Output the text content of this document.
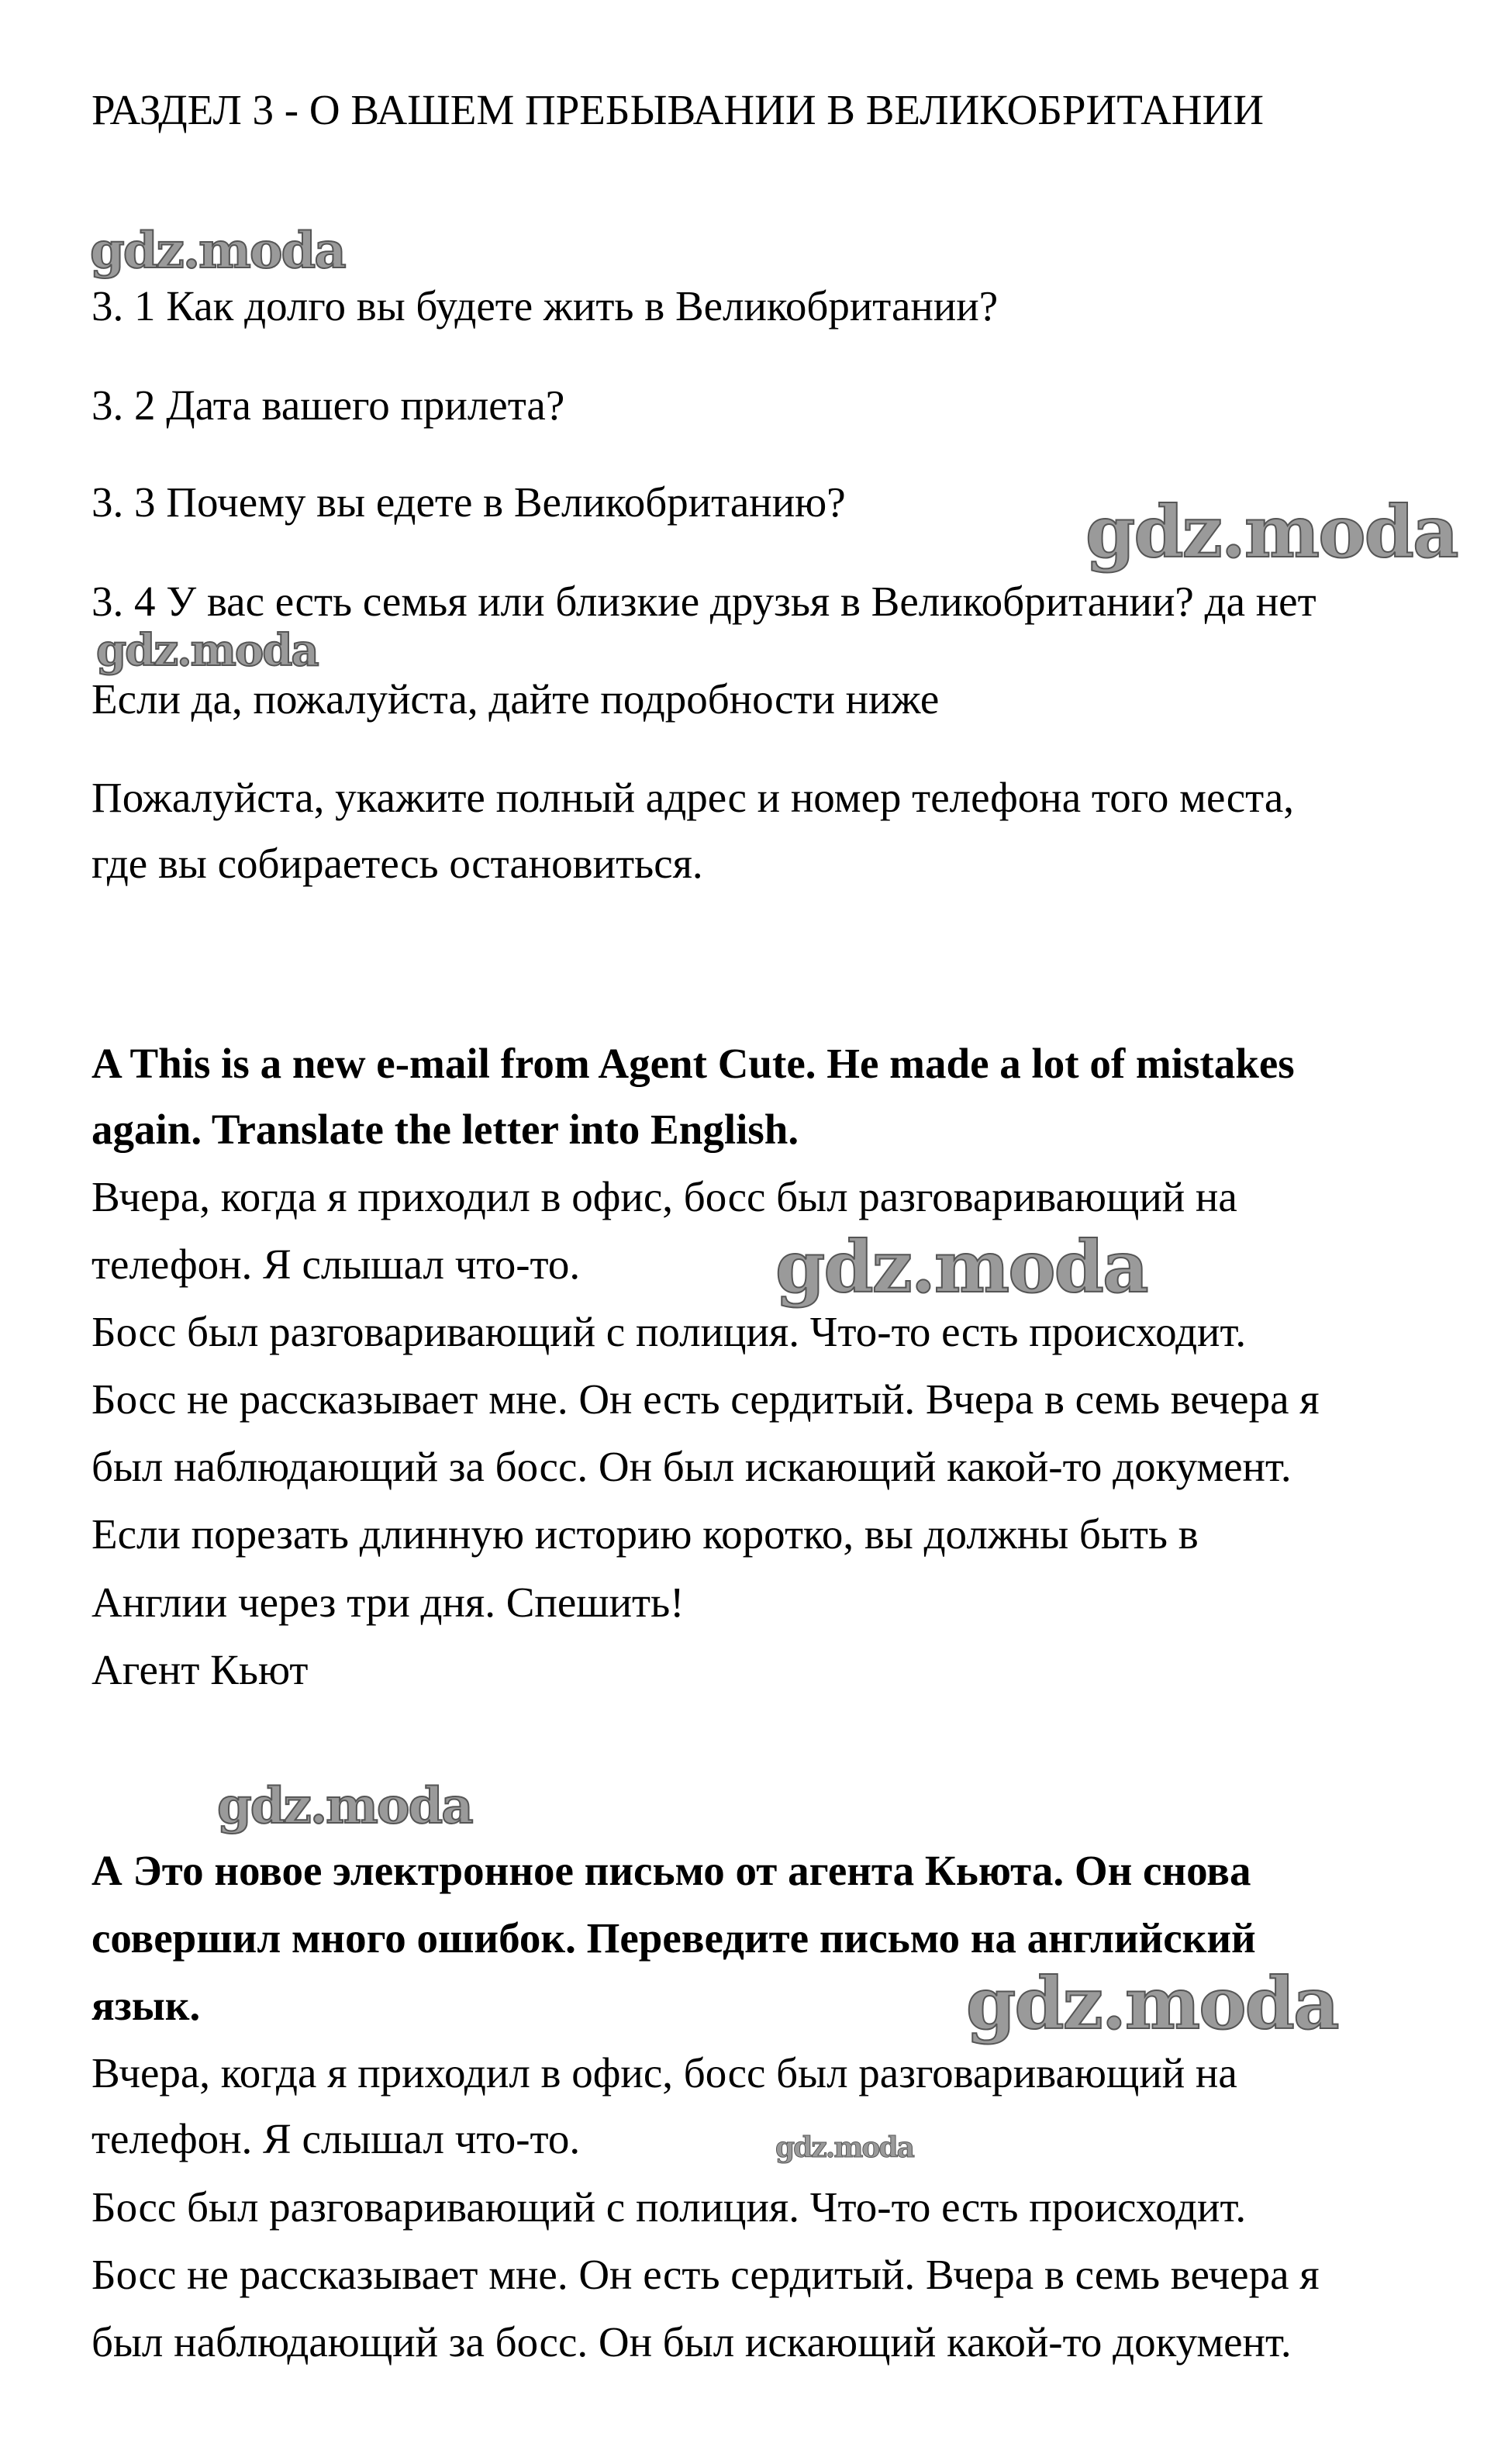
РАЗДЕЛ 3 - О ВАШЕМ ПРЕБЫВАНИИ В ВЕЛИКОБРИТАНИИ
3. 1 Как долго вы будете жить в Великобритании?
3. 2 Дата вашего прилета?
3. 3 Почему вы едете в Великобританию?
3. 4 У вас есть семья или близкие друзья в Великобритании? да нет
Если да, пожалуйста, дайте подробности ниже
Пожалуйста, укажите полный адрес и номер телефона того места,
где вы собираетесь остановиться.
A This is a new e-mail from Agent Cute. He made a lot of mistakes
again. Translate the letter into English.
Вчера, когда я приходил в офис, босс был разговаривающий на
телефон. Я слышал что-то.
Босс был разговаривающий с полиция. Что-то есть происходит.
Босс не рассказывает мне. Он есть сердитый. Вчера в семь вечера я
был наблюдающий за босс. Он был искающий какой-то документ.
Если порезать длинную историю коротко, вы должны быть в
Англии через три дня. Спешить!
Агент Кьют
А Это новое электронное письмо от агента Кьюта. Он снова
совершил много ошибок. Переведите письмо на английский
язык.
Вчера, когда я приходил в офис, босс был разговаривающий на
телефон. Я слышал что-то.
Босс был разговаривающий с полиция. Что-то есть происходит.
Босс не рассказывает мне. Он есть сердитый. Вчера в семь вечера я
был наблюдающий за босс. Он был искающий какой-то документ.
gdz.moda
gdz.moda
gdz.moda
gdz.moda
gdz.moda
gdz.moda
gdz.moda
